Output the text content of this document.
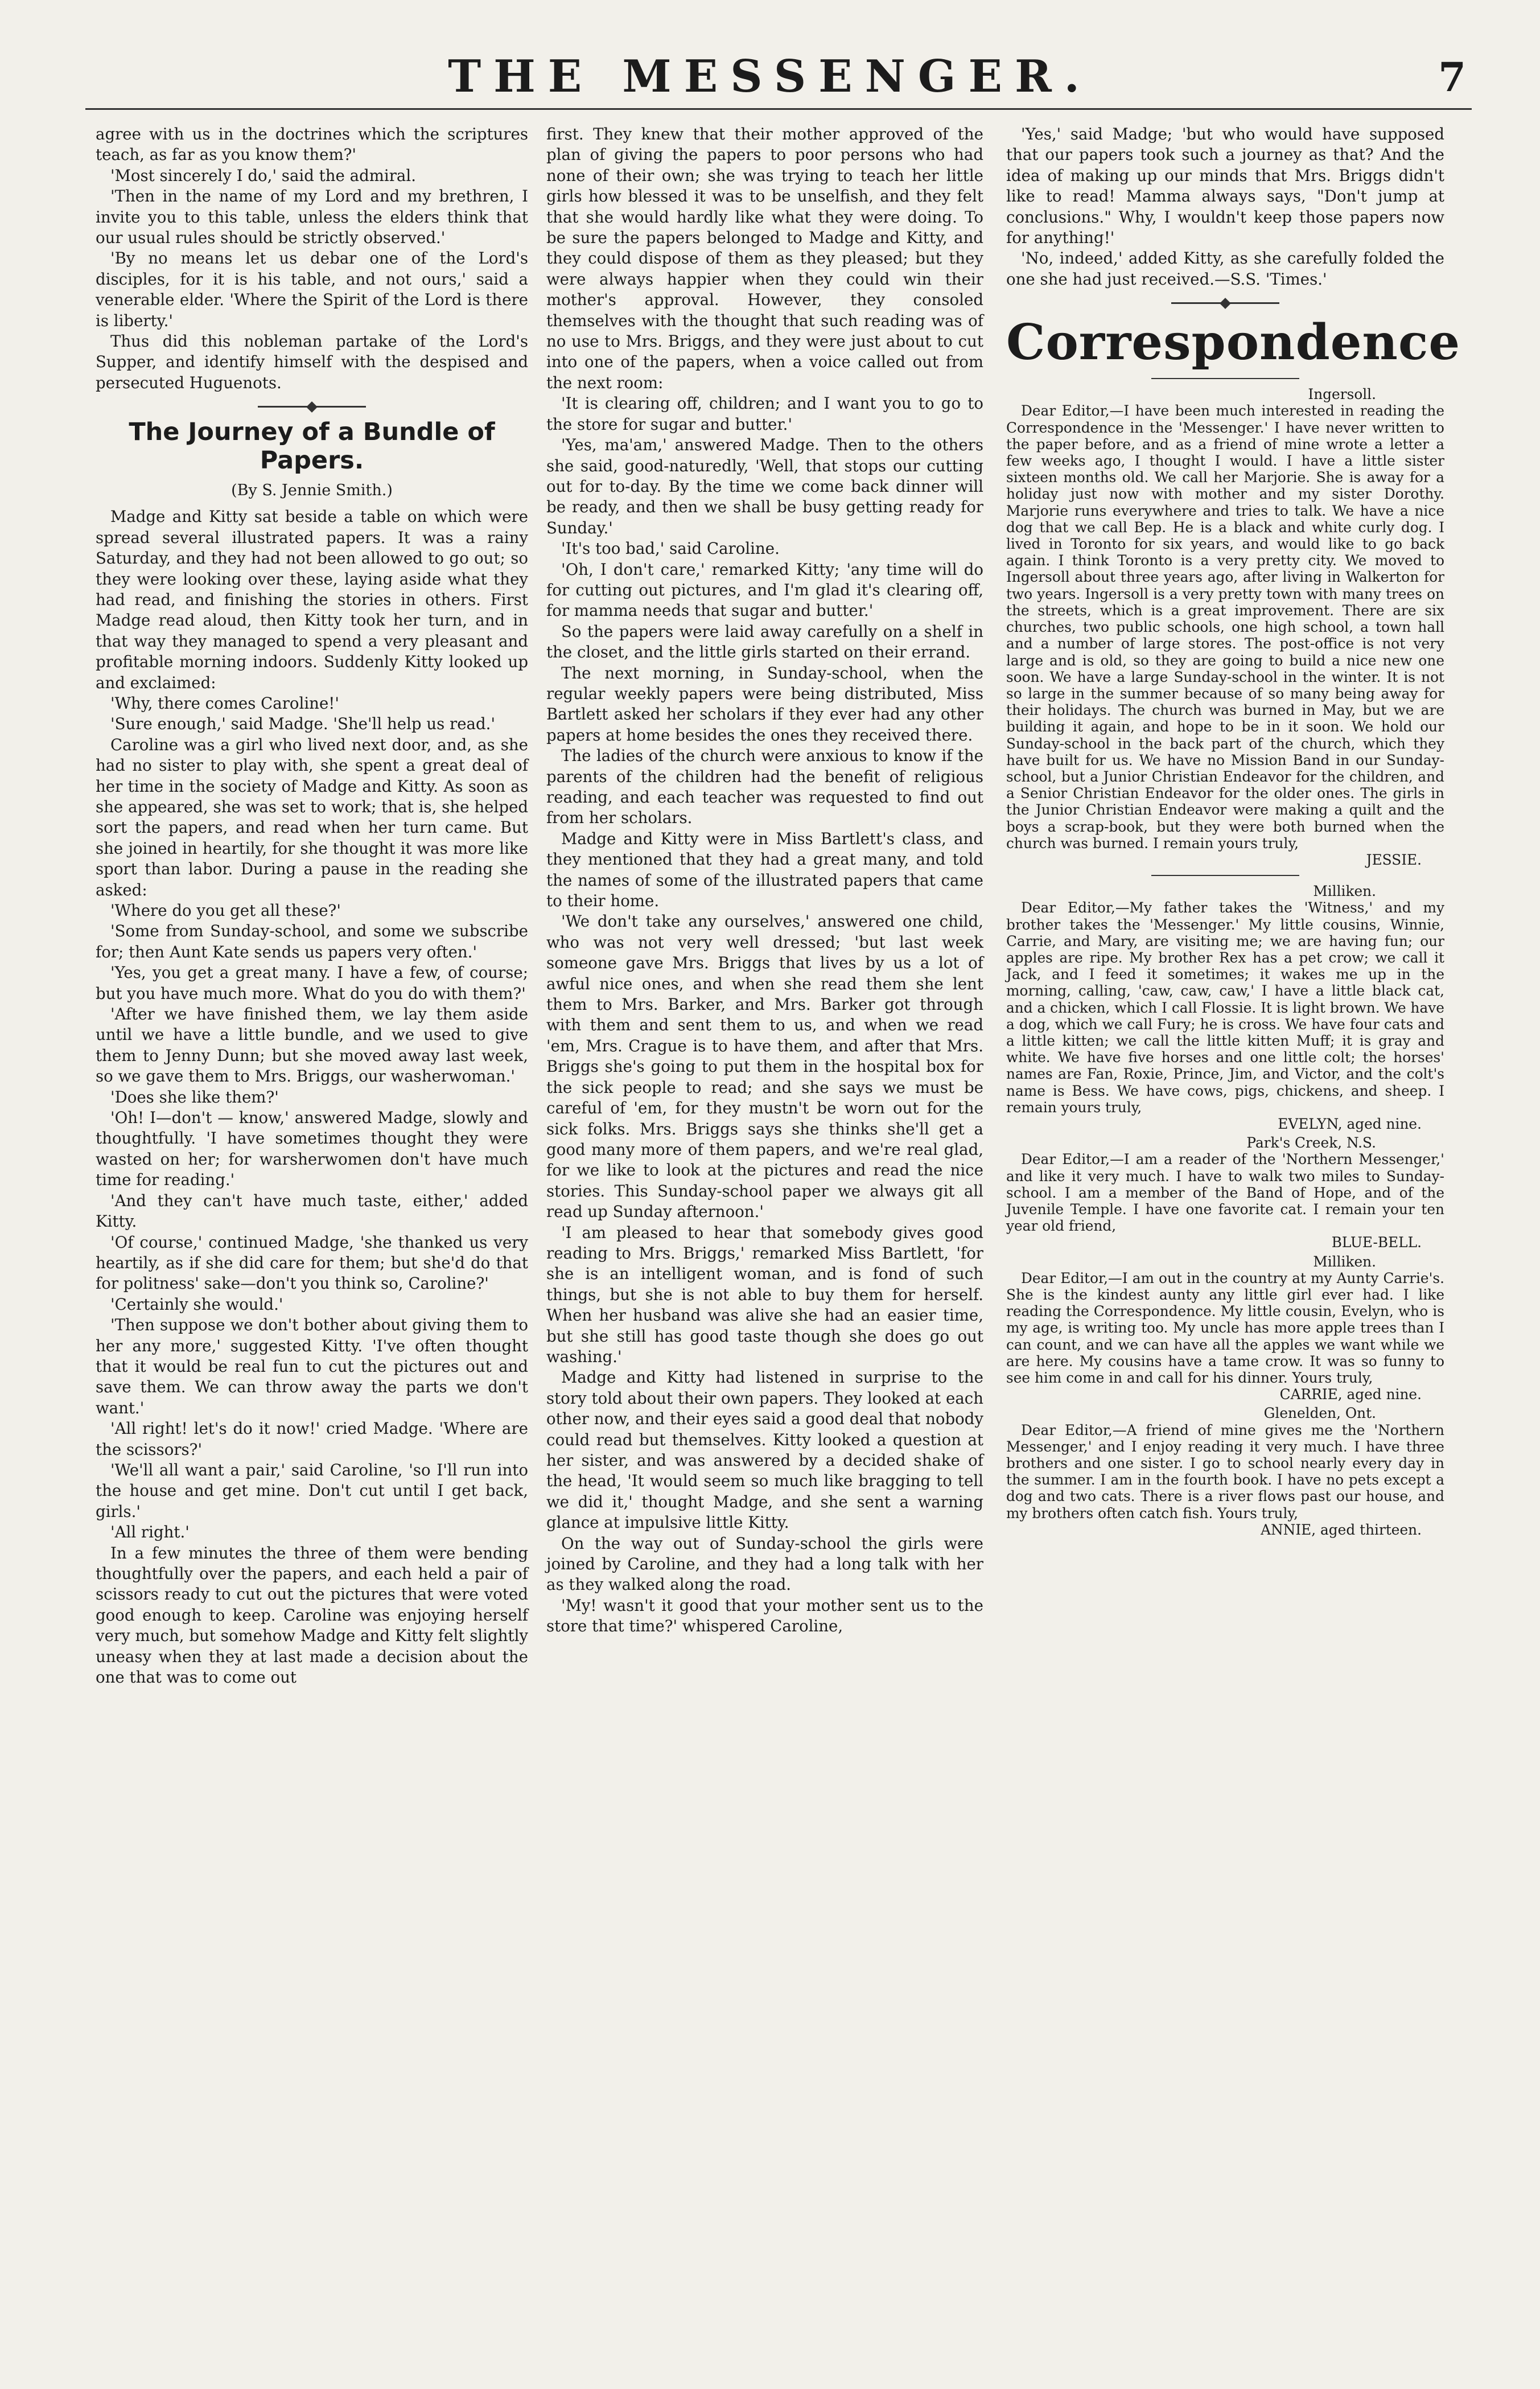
THE MESSENGER.	7

agree with us in the doctrines which the scriptures teach, as far as you know them?'

'Most sincerely I do,' said the admiral.

'Then in the name of my Lord and my brethren, I invite you to this table, unless the elders think that our usual rules should be strictly observed.'

'By no means let us debar one of the Lord's disciples, for it is his table, and not ours,' said a venerable elder. 'Where the Spirit of the Lord is there is liberty.'

Thus did this nobleman partake of the Lord's Supper, and identify himself with the despised and persecuted Huguenots.

The Journey of a Bundle of Papers.
(By S. Jennie Smith.)

Madge and Kitty sat beside a table on which were spread several illustrated papers. It was a rainy Saturday, and they had not been allowed to go out; so they were looking over these, laying aside what they had read, and finishing the stories in others. First Madge read aloud, then Kitty took her turn, and in that way they managed to spend a very pleasant and profitable morning indoors. Suddenly Kitty looked up and exclaimed:

'Why, there comes Caroline!'

'Sure enough,' said Madge. 'She'll help us read.'

Caroline was a girl who lived next door, and, as she had no sister to play with, she spent a great deal of her time in the society of Madge and Kitty. As soon as she appeared, she was set to work; that is, she helped sort the papers, and read when her turn came. But she joined in heartily, for she thought it was more like sport than labor. During a pause in the reading she asked:

'Where do you get all these?'

'Some from Sunday-school, and some we subscribe for; then Aunt Kate sends us papers very often.'

'Yes, you get a great many. I have a few, of course; but you have much more. What do you do with them?'

'After we have finished them, we lay them aside until we have a little bundle, and we used to give them to Jenny Dunn; but she moved away last week, so we gave them to Mrs. Briggs, our washerwoman.'

'Does she like them?'

'Oh! I—don't — know,' answered Madge, slowly and thoughtfully. 'I have sometimes thought they were wasted on her; for warsherwomen don't have much time for reading.'

'And they can't have much taste, either,' added Kitty.

'Of course,' continued Madge, 'she thanked us very heartily, as if she did care for them; but she'd do that for politness' sake—don't you think so, Caroline?'

'Certainly she would.'

'Then suppose we don't bother about giving them to her any more,' suggested Kitty. 'I've often thought that it would be real fun to cut the pictures out and save them. We can throw away the parts we don't want.'

'All right! let's do it now!' cried Madge. 'Where are the scissors?'

'We'll all want a pair,' said Caroline, 'so I'll run into the house and get mine. Don't cut until I get back, girls.'

'All right.'

In a few minutes the three of them were bending thoughtfully over the papers, and each held a pair of scissors ready to cut out the pictures that were voted good enough to keep. Caroline was enjoying herself very much, but somehow Madge and Kitty felt slightly uneasy when they at last made a decision about the one that was to come out

first. They knew that their mother approved of the plan of giving the papers to poor persons who had none of their own; she was trying to teach her little girls how blessed it was to be unselfish, and they felt that she would hardly like what they were doing. To be sure the papers belonged to Madge and Kitty, and they could dispose of them as they pleased; but they were always happier when they could win their mother's approval. However, they consoled themselves with the thought that such reading was of no use to Mrs. Briggs, and they were just about to cut into one of the papers, when a voice called out from the next room:

'It is clearing off, children; and I want you to go to the store for sugar and butter.'

'Yes, ma'am,' answered Madge. Then to the others she said, good-naturedly, 'Well, that stops our cutting out for to-day. By the time we come back dinner will be ready, and then we shall be busy getting ready for Sunday.'

'It's too bad,' said Caroline.

'Oh, I don't care,' remarked Kitty; 'any time will do for cutting out pictures, and I'm glad it's clearing off, for mamma needs that sugar and butter.'

So the papers were laid away carefully on a shelf in the closet, and the little girls started on their errand.

The next morning, in Sunday-school, when the regular weekly papers were being distributed, Miss Bartlett asked her scholars if they ever had any other papers at home besides the ones they received there.

The ladies of the church were anxious to know if the parents of the children had the benefit of religious reading, and each teacher was requested to find out from her scholars.

Madge and Kitty were in Miss Bartlett's class, and they mentioned that they had a great many, and told the names of some of the illustrated papers that came to their home.

'We don't take any ourselves,' answered one child, who was not very well dressed; 'but last week someone gave Mrs. Briggs that lives by us a lot of awful nice ones, and when she read them she lent them to Mrs. Barker, and Mrs. Barker got through with them and sent them to us, and when we read 'em, Mrs. Crague is to have them, and after that Mrs. Briggs she's going to put them in the hospital box for the sick people to read; and she says we must be careful of 'em, for they mustn't be worn out for the sick folks. Mrs. Briggs says she thinks she'll get a good many more of them papers, and we're real glad, for we like to look at the pictures and read the nice stories. This Sunday-school paper we always git all read up Sunday afternoon.'

'I am pleased to hear that somebody gives good reading to Mrs. Briggs,' remarked Miss Bartlett, 'for she is an intelligent woman, and is fond of such things, but she is not able to buy them for herself. When her husband was alive she had an easier time, but she still has good taste though she does go out washing.'

Madge and Kitty had listened in surprise to the story told about their own papers. They looked at each other now, and their eyes said a good deal that nobody could read but themselves. Kitty looked a question at her sister, and was answered by a decided shake of the head, 'It would seem so much like bragging to tell we did it,' thought Madge, and she sent a warning glance at impulsive little Kitty.

On the way out of Sunday-school the girls were joined by Caroline, and they had a long talk with her as they walked along the road.

'My! wasn't it good that your mother sent us to the store that time?' whispered Caroline,

'Yes,' said Madge; 'but who would have supposed that our papers took such a journey as that? And the idea of making up our minds that Mrs. Briggs didn't like to read! Mamma always says, "Don't jump at conclusions." Why, I wouldn't keep those papers now for anything!'

'No, indeed,' added Kitty, as she carefully folded the one she had just received.—S.S. 'Times.'

Correspondence
Ingersoll.

Dear Editor,—I have been much interested in reading the Correspondence in the 'Messenger.' I have never written to the paper before, and as a friend of mine wrote a letter a few weeks ago, I thought I would. I have a little sister sixteen months old. We call her Marjorie. She is away for a holiday just now with mother and my sister Dorothy. Marjorie runs everywhere and tries to talk. We have a nice dog that we call Bep. He is a black and white curly dog. I lived in Toronto for six years, and would like to go back again. I think Toronto is a very pretty city. We moved to Ingersoll about three years ago, after living in Walkerton for two years. Ingersoll is a very pretty town with many trees on the streets, which is a great improvement. There are six churches, two public schools, one high school, a town hall and a number of large stores. The post-office is not very large and is old, so they are going to build a nice new one soon. We have a large Sunday-school in the winter. It is not so large in the summer because of so many being away for their holidays. The church was burned in May, but we are building it again, and hope to be in it soon. We hold our Sunday-school in the back part of the church, which they have built for us. We have no Mission Band in our Sunday-school, but a Junior Christian Endeavor for the children, and a Senior Christian Endeavor for the older ones. The girls in the Junior Christian Endeavor were making a quilt and the boys a scrap-book, but they were both burned when the church was burned. I remain yours truly,

JESSIE.
Milliken.

Dear Editor,—My father takes the 'Witness,' and my brother takes the 'Messenger.' My little cousins, Winnie, Carrie, and Mary, are visiting me; we are having fun; our apples are ripe. My brother Rex has a pet crow; we call it Jack, and I feed it sometimes; it wakes me up in the morning, calling, 'caw, caw, caw,' I have a little black cat, and a chicken, which I call Flossie. It is light brown. We have a dog, which we call Fury; he is cross. We have four cats and a little kitten; we call the little kitten Muff; it is gray and white. We have five horses and one little colt; the horses' names are Fan, Roxie, Prince, Jim, and Victor, and the colt's name is Bess. We have cows, pigs, chickens, and sheep. I remain yours truly,

EVELYN, aged nine.
Park's Creek, N.S.

Dear Editor,—I am a reader of the 'Northern Messenger,' and like it very much. I have to walk two miles to Sunday-school. I am a member of the Band of Hope, and of the Juvenile Temple. I have one favorite cat. I remain your ten year old friend,

BLUE-BELL.
Milliken.

Dear Editor,—I am out in the country at my Aunty Carrie's. She is the kindest aunty any little girl ever had. I like reading the Correspondence. My little cousin, Evelyn, who is my age, is writing too. My uncle has more apple trees than I can count, and we can have all the apples we want while we are here. My cousins have a tame crow. It was so funny to see him come in and call for his dinner. Yours truly,

CARRIE, aged nine.
Glenelden, Ont.

Dear Editor,—A friend of mine gives me the 'Northern Messenger,' and I enjoy reading it very much. I have three brothers and one sister. I go to school nearly every day in the summer. I am in the fourth book. I have no pets except a dog and two cats. There is a river flows past our house, and my brothers often catch fish. Yours truly,

ANNIE, aged thirteen.
